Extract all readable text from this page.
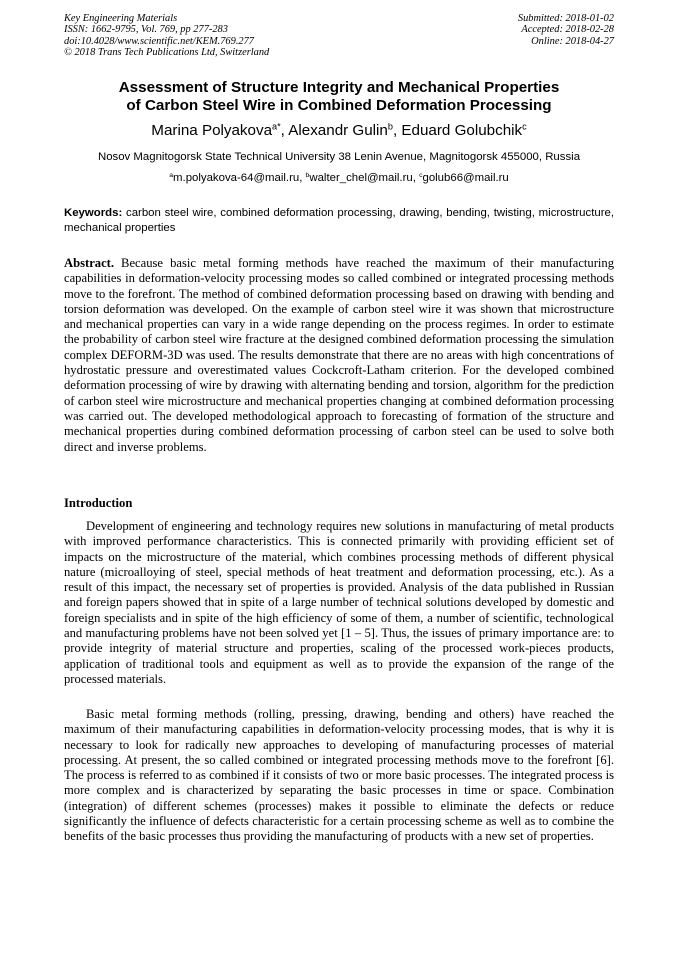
Key Engineering Materials
ISSN: 1662-9795, Vol. 769, pp 277-283
doi:10.4028/www.scientific.net/KEM.769.277
© 2018 Trans Tech Publications Ltd, Switzerland
Submitted: 2018-01-02
Accepted: 2018-02-28
Online: 2018-04-27
Assessment of Structure Integrity and Mechanical Properties
of Carbon Steel Wire in Combined Deformation Processing
Marina Polyakova$^{a*}$, Alexandr Gulin$^b$, Eduard Golubchik$^c$
Nosov Magnitogorsk State Technical University 38 Lenin Avenue, Magnitogorsk 455000, Russia
$^a$m.polyakova-64@mail.ru, $^b$walter_chel@mail.ru, $^c$golub66@mail.ru
Keywords: carbon steel wire, combined deformation processing, drawing, bending, twisting, microstructure, mechanical properties
Abstract. Because basic metal forming methods have reached the maximum of their manufacturing capabilities in deformation-velocity processing modes so called combined or integrated processing methods move to the forefront. The method of combined deformation processing based on drawing with bending and torsion deformation was developed. On the example of carbon steel wire it was shown that microstructure and mechanical properties can vary in a wide range depending on the process regimes. In order to estimate the probability of carbon steel wire fracture at the designed combined deformation processing the simulation complex DEFORM-3D was used. The results demonstrate that there are no areas with high concentrations of hydrostatic pressure and overestimated values Cockcroft-Latham criterion. For the developed combined deformation processing of wire by drawing with alternating bending and torsion, algorithm for the prediction of carbon steel wire microstructure and mechanical properties changing at combined deformation processing was carried out. The developed methodological approach to forecasting of formation of the structure and mechanical properties during combined deformation processing of carbon steel can be used to solve both direct and inverse problems.
Introduction
Development of engineering and technology requires new solutions in manufacturing of metal products with improved performance characteristics. This is connected primarily with providing efficient set of impacts on the microstructure of the material, which combines processing methods of different physical nature (microalloying of steel, special methods of heat treatment and deformation processing, etc.). As a result of this impact, the necessary set of properties is provided. Analysis of the data published in Russian and foreign papers showed that in spite of a large number of technical solutions developed by domestic and foreign specialists and in spite of the high efficiency of some of them, a number of scientific, technological and manufacturing problems have not been solved yet [1 – 5]. Thus, the issues of primary importance are: to provide integrity of material structure and properties, scaling of the processed work-pieces products, application of traditional tools and equipment as well as to provide the expansion of the range of the processed materials.
Basic metal forming methods (rolling, pressing, drawing, bending and others) have reached the maximum of their manufacturing capabilities in deformation-velocity processing modes, that is why it is necessary to look for radically new approaches to developing of manufacturing processes of material processing. At present, the so called combined or integrated processing methods move to the forefront [6]. The process is referred to as combined if it consists of two or more basic processes. The integrated process is more complex and is characterized by separating the basic processes in time or space. Combination (integration) of different schemes (processes) makes it possible to eliminate the defects or reduce significantly the influence of defects characteristic for a certain processing scheme as well as to combine the benefits of the basic processes thus providing the manufacturing of products with a new set of properties.
